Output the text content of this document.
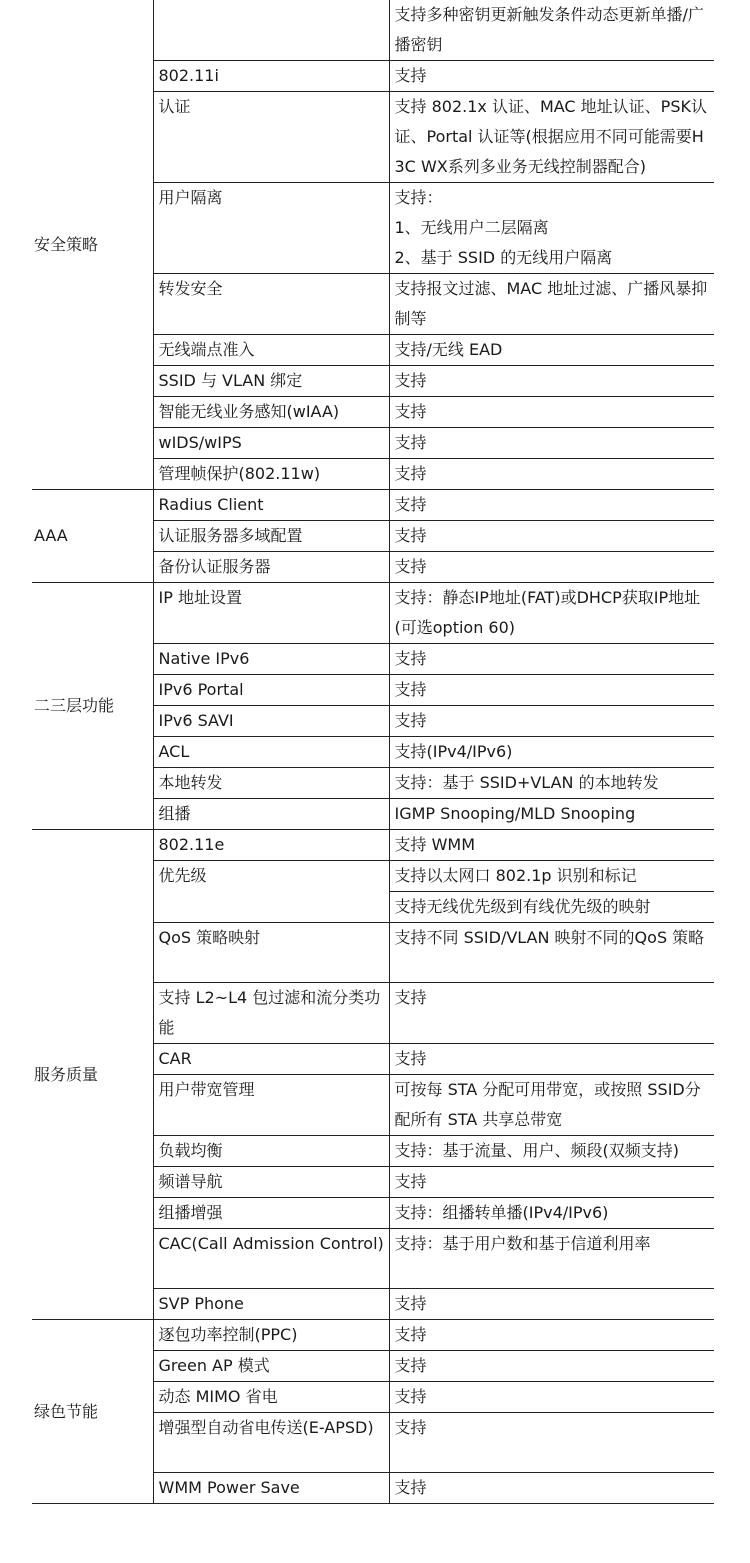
安全策略		支持多种密钥更新触发条件动态更新单播/广播密钥
	802.11i	支持
	认证	支持 802.1x 认证、MAC 地址认证、PSK认证、Portal 认证等(根据应用不同可能需要H3C WX系列多业务无线控制器配合)
	用户隔离	支持：
1、无线用户二层隔离
2、基于 SSID 的无线用户隔离
	转发安全	支持报文过滤、MAC 地址过滤、广播风暴抑制等
	无线端点准入	支持/无线 EAD
	SSID 与 VLAN 绑定	支持
	智能无线业务感知(wIAA)	支持
	wIDS/wIPS	支持
	管理帧保护(802.11w)	支持
AAA	Radius Client	支持
	认证服务器多域配置	支持
	备份认证服务器	支持
二三层功能	IP 地址设置	支持：静态IP地址(FAT)或DHCP获取IP地址(可选option 60)
	Native IPv6	支持
	IPv6 Portal	支持
	IPv6 SAVI	支持
	ACL	支持(IPv4/IPv6)
	本地转发	支持：基于 SSID+VLAN 的本地转发
	组播	IGMP Snooping/MLD Snooping
服务质量	802.11e	支持 WMM
	优先级	支持以太网口 802.1p 识别和标记
		支持无线优先级到有线优先级的映射
	QoS 策略映射	支持不同 SSID/VLAN 映射不同的QoS 策略
	支持 L2~L4 包过滤和流分类功能	支持
	CAR	支持
	用户带宽管理	可按每 STA 分配可用带宽，或按照 SSID分配所有 STA 共享总带宽
	负载均衡	支持：基于流量、用户、频段(双频支持)
	频谱导航	支持
	组播增强	支持：组播转单播(IPv4/IPv6)
	CAC(Call Admission Control)	支持：基于用户数和基于信道利用率
	SVP Phone	支持
绿色节能	逐包功率控制(PPC)	支持
	Green AP 模式	支持
	动态 MIMO 省电	支持
	增强型自动省电传送(E-APSD)	支持
	WMM Power Save	支持
